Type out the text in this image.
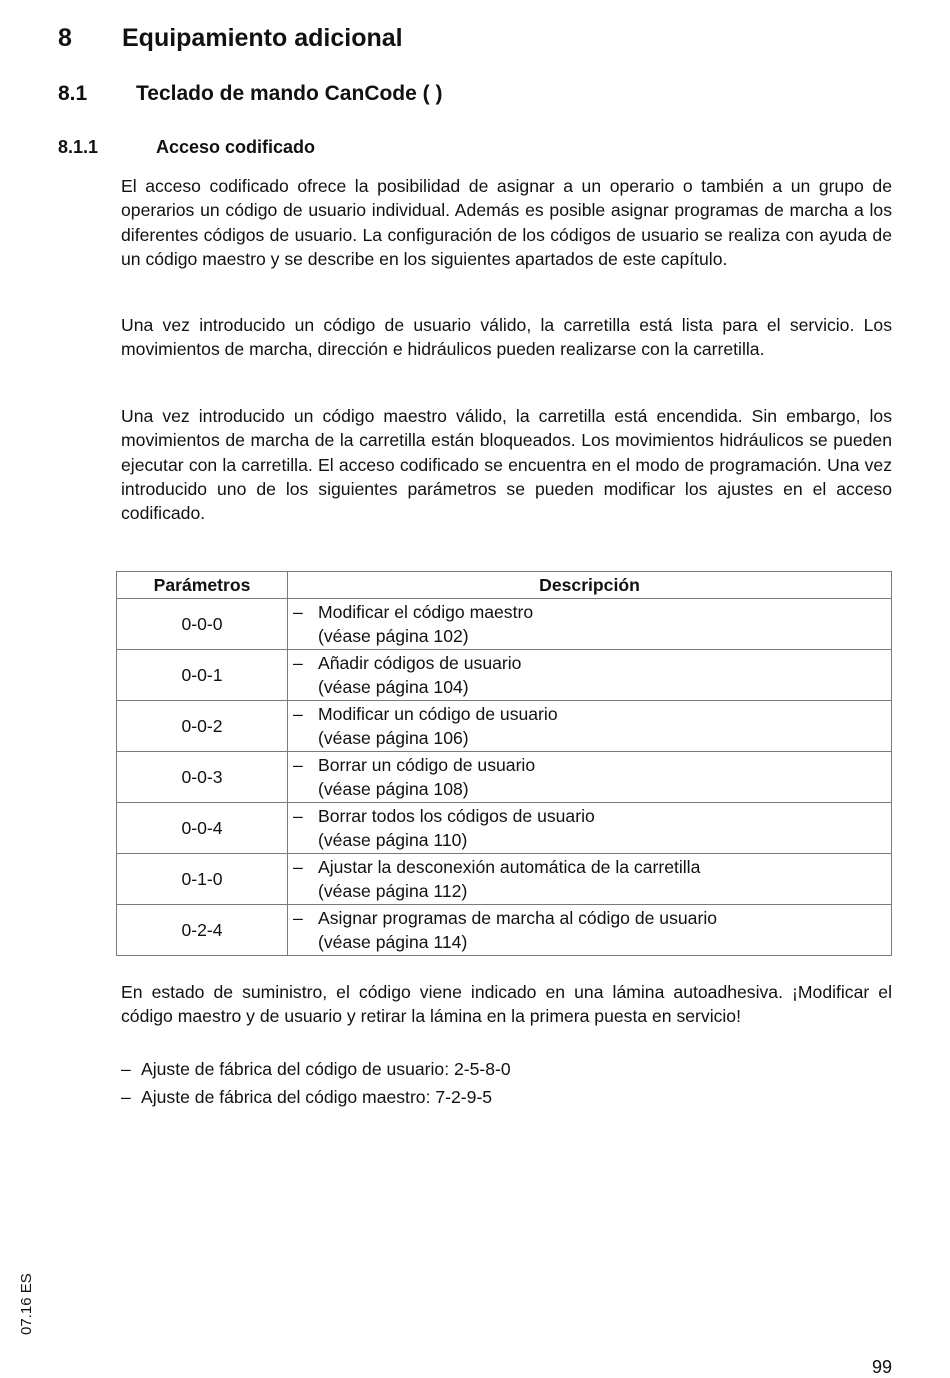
8 Equipamiento adicional
8.1 Teclado de mando CanCode ( )
8.1.1	Acceso codificado
El acceso codificado ofrece la posibilidad de asignar a un operario o también a un grupo de operarios un código de usuario individual. Además es posible asignar programas de marcha a los diferentes códigos de usuario. La configuración de los códigos de usuario se realiza con ayuda de un código maestro y se describe en los siguientes apartados de este capítulo.
Una vez introducido un código de usuario válido, la carretilla está lista para el servicio. Los movimientos de marcha, dirección e hidráulicos pueden realizarse con la carretilla.
Una vez introducido un código maestro válido, la carretilla está encendida. Sin embargo, los movimientos de marcha de la carretilla están bloqueados. Los movimientos hidráulicos se pueden ejecutar con la carretilla. El acceso codificado se encuentra en el modo de programación. Una vez introducido uno de los siguientes parámetros se pueden modificar los ajustes en el acceso codificado.
Parámetros	Descripción
0-0-0	– Modificar el código maestro
(véase página 102)

0-0-1	– Añadir códigos de usuario
(véase página 104)

0-0-2	– Modificar un código de usuario
(véase página 106)

0-0-3	– Borrar un código de usuario
(véase página 108)

0-0-4	– Borrar todos los códigos de usuario
(véase página 110)

0-1-0	– Ajustar la desconexión automática de la carretilla
(véase página 112)

0-2-4	– Asignar programas de marcha al código de usuario
(véase página 114)
En estado de suministro, el código viene indicado en una lámina autoadhesiva. ¡Modificar el código maestro y de usuario y retirar la lámina en la primera puesta en servicio!
– Ajuste de fábrica del código de usuario: 2-5-8-0
– Ajuste de fábrica del código maestro: 7-2-9-5
07.16 ES
99
